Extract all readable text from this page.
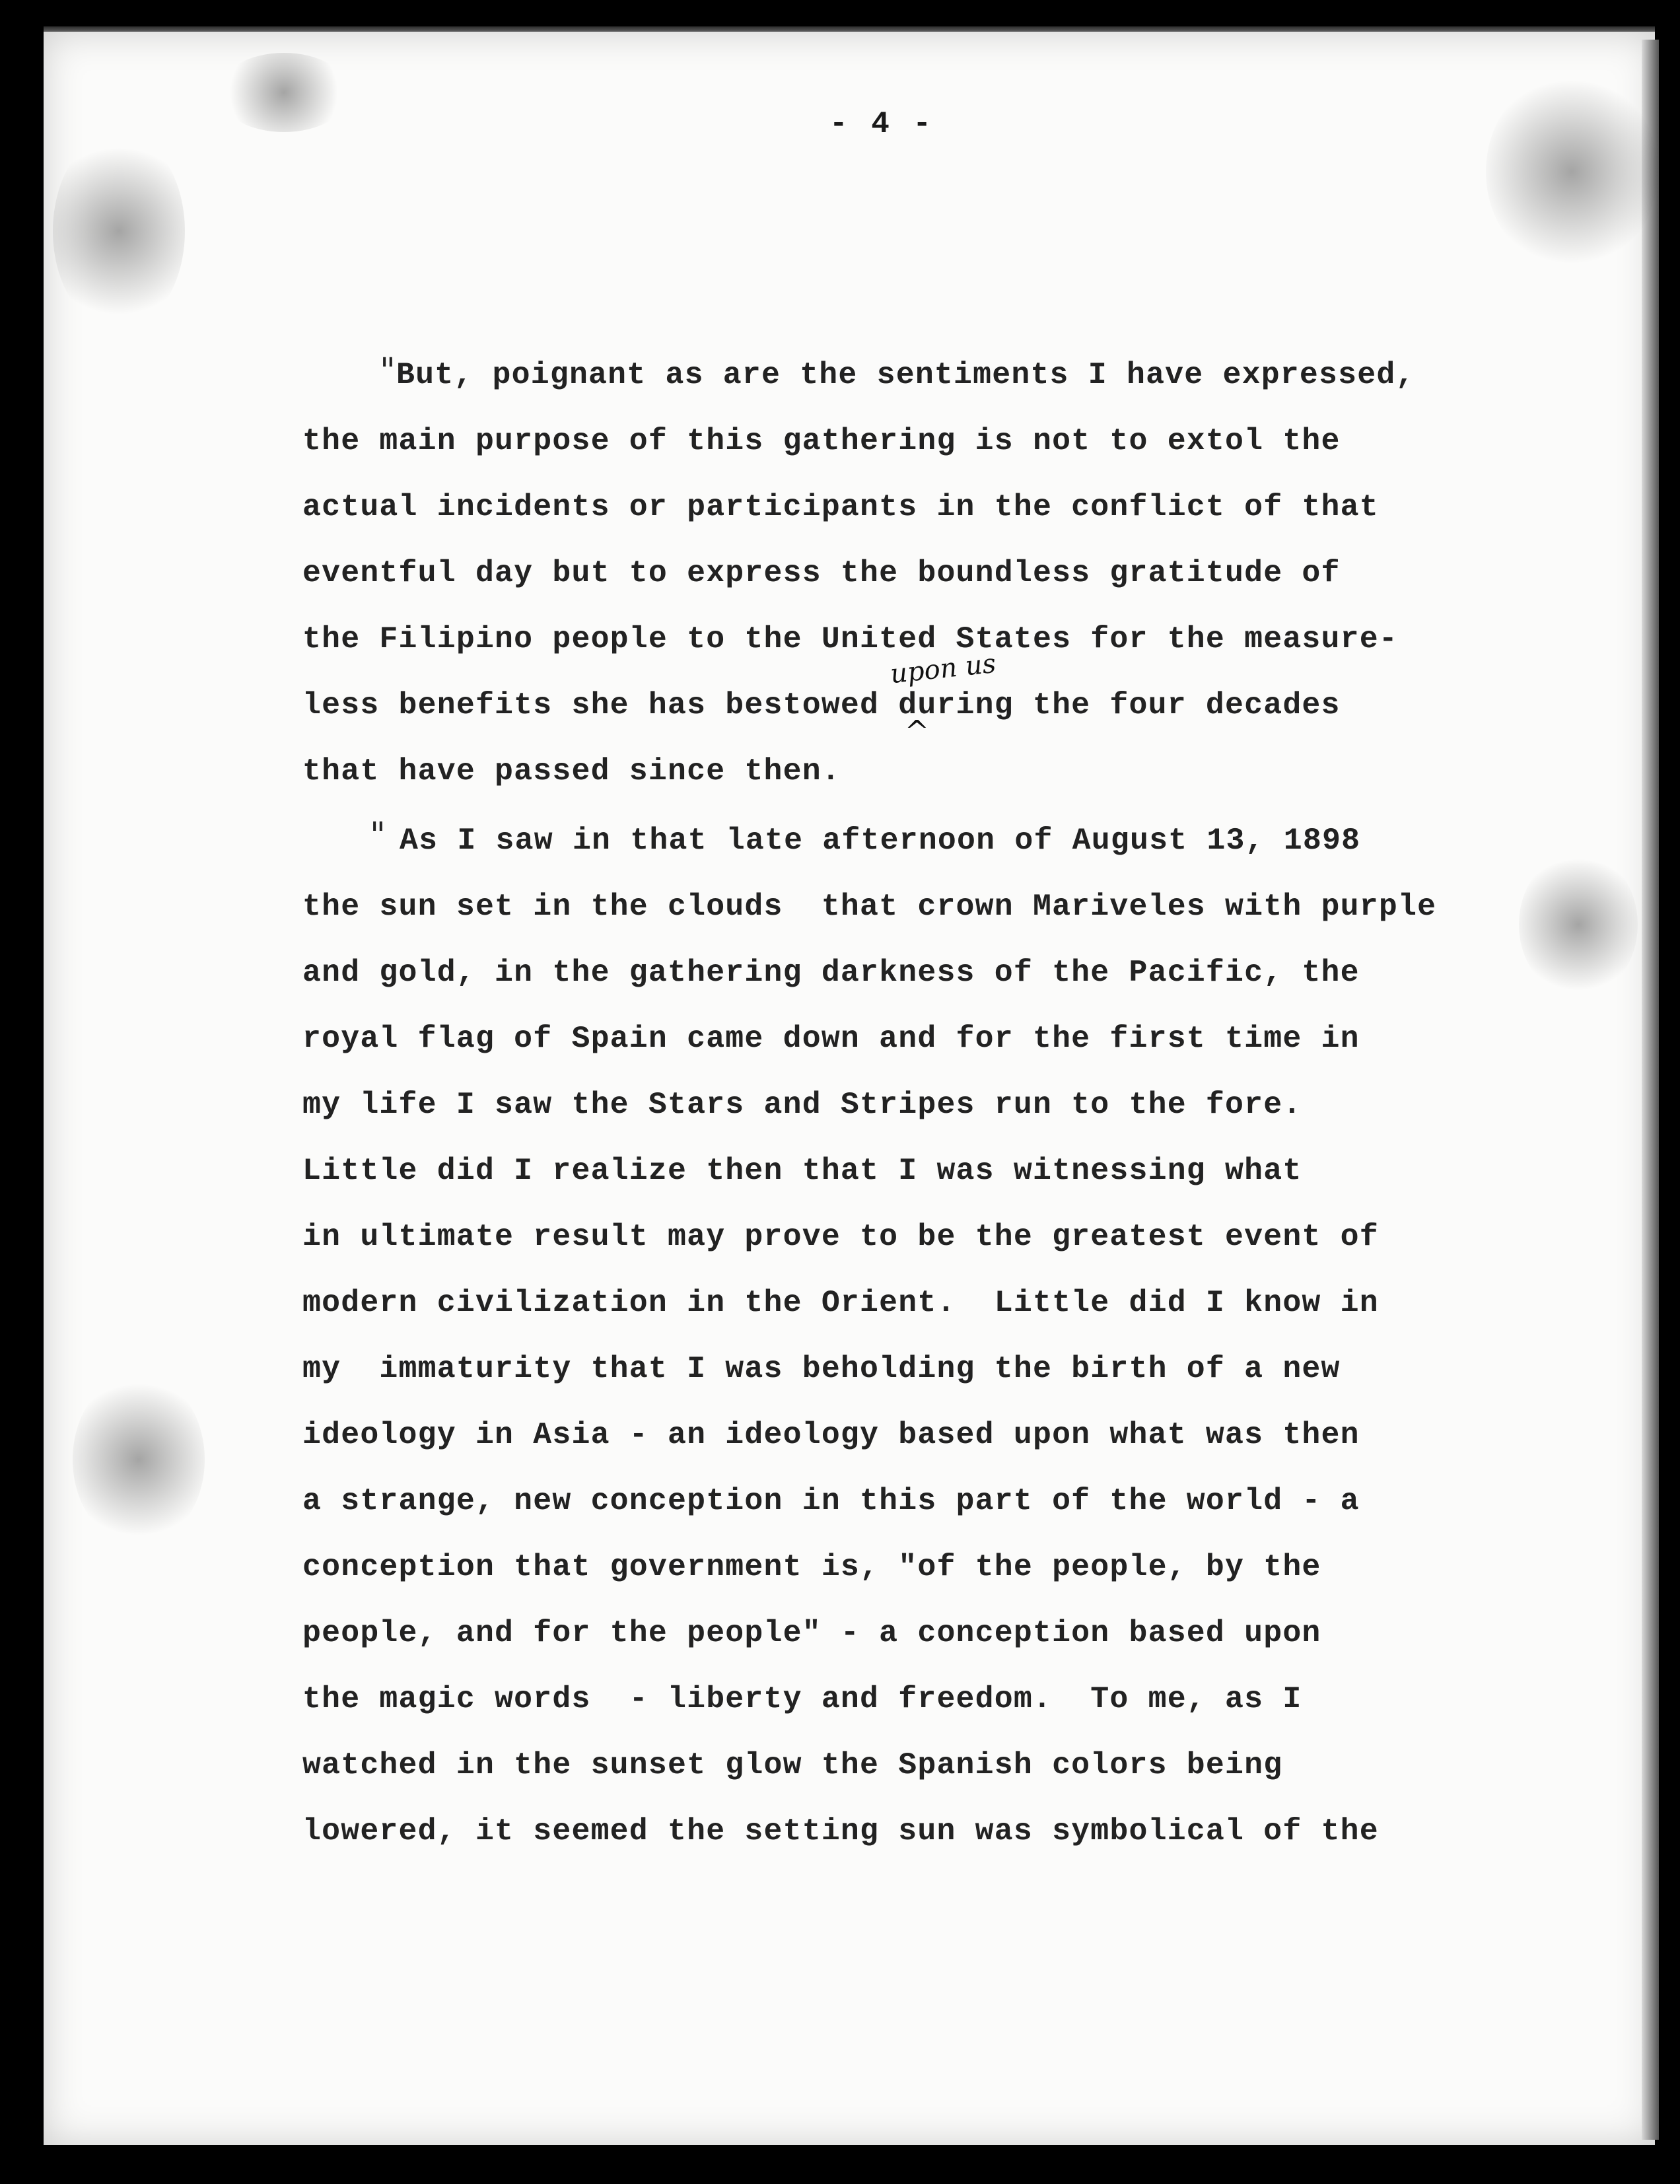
- 4 -
"
"
upon us
^
But, poignant as are the sentiments I have expressed,
the main purpose of this gathering is not to extol the
actual incidents or participants in the conflict of that
eventful day but to express the boundless gratitude of
the Filipino people to the United States for the measure-
less benefits she has bestowed during the four decades
that have passed since then.
As I saw in that late afternoon of August 13, 1898
the sun set in the clouds  that crown Mariveles with purple
and gold, in the gathering darkness of the Pacific, the
royal flag of Spain came down and for the first time in
my life I saw the Stars and Stripes run to the fore.
Little did I realize then that I was witnessing what
in ultimate result may prove to be the greatest event of
modern civilization in the Orient.  Little did I know in
my  immaturity that I was beholding the birth of a new
ideology in Asia - an ideology based upon what was then
a strange, new conception in this part of the world - a
conception that government is, "of the people, by the
people, and for the people" - a conception based upon
the magic words  - liberty and freedom.  To me, as I
watched in the sunset glow the Spanish colors being
lowered, it seemed the setting sun was symbolical of the
